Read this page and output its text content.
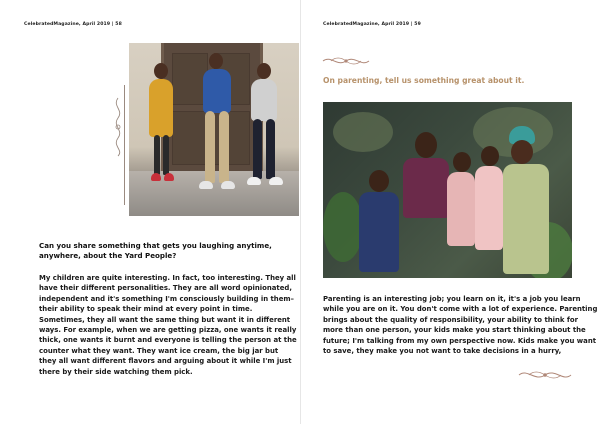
CelebratedMagazine, April 2019 | 58
Can you share something that gets you laughing anytime, anywhere, about the Yard People?
My children are quite interesting. In fact, too interesting. They all have their different personalities. They are all word opinionated, independent and it's something I'm consciously building in them– their ability to speak their mind at every point in time. Sometimes, they all want the same thing but want it in different ways. For example, when we are getting pizza, one wants it really thick, one wants it burnt and everyone is telling the person at the counter what they want. They want ice cream, the big jar but they all want different flavors and arguing about it while I'm just there by their side watching them pick.
CelebratedMagazine, April 2019 | 59
On parenting, tell us something great about it.
Parenting is an interesting job; you learn on it, it's a job you learn while you are on it. You don't come with a lot of experience. Parenting brings about the quality of responsibility, your ability to think for more than one person, your kids make you start thinking about the future; I'm talking from my own perspective now. Kids make you want to save, they make you not want to take decisions in a hurry,
